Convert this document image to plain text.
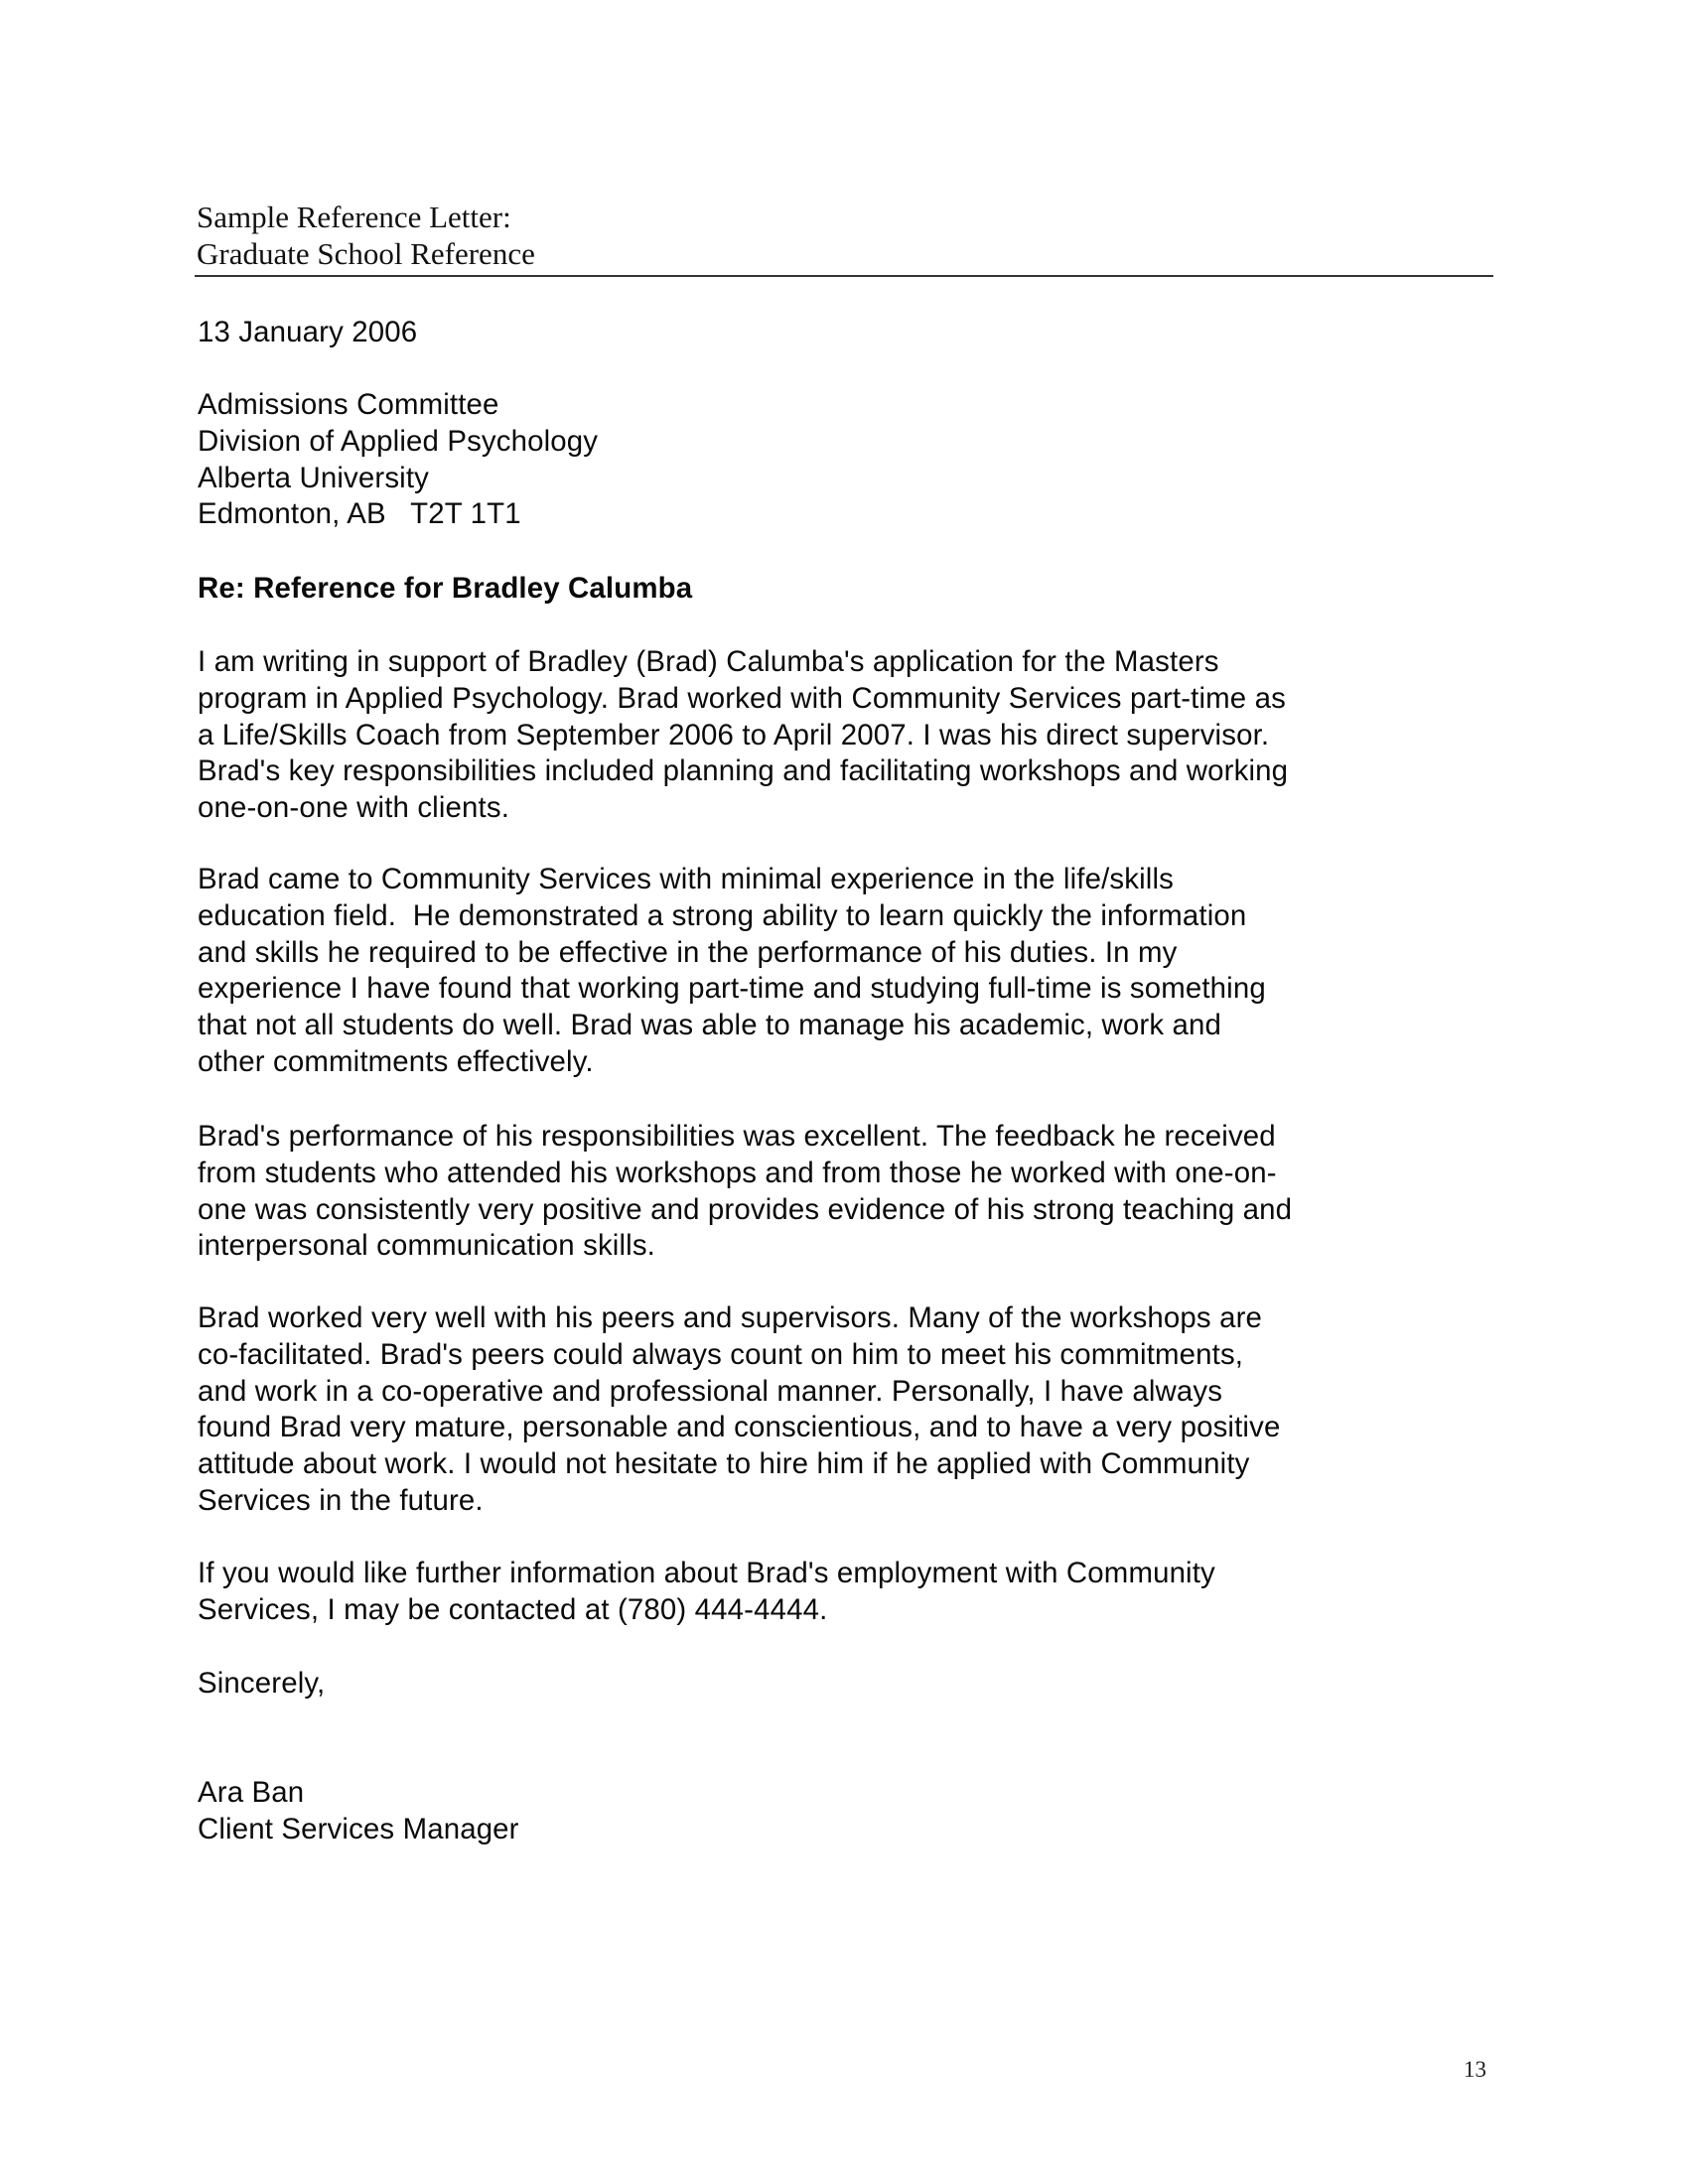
Sample Reference Letter:
Graduate School Reference
13 January 2006
Admissions Committee
Division of Applied Psychology
Alberta University
Edmonton, AB   T2T 1T1
Re: Reference for Bradley Calumba
I am writing in support of Bradley (Brad) Calumba's application for the Masters
program in Applied Psychology. Brad worked with Community Services part-time as
a Life/Skills Coach from September 2006 to April 2007. I was his direct supervisor.
Brad's key responsibilities included planning and facilitating workshops and working
one-on-one with clients.
Brad came to Community Services with minimal experience in the life/skills
education field.  He demonstrated a strong ability to learn quickly the information
and skills he required to be effective in the performance of his duties. In my
experience I have found that working part-time and studying full-time is something
that not all students do well. Brad was able to manage his academic, work and
other commitments effectively.
Brad's performance of his responsibilities was excellent. The feedback he received
from students who attended his workshops and from those he worked with one-on-
one was consistently very positive and provides evidence of his strong teaching and
interpersonal communication skills.
Brad worked very well with his peers and supervisors. Many of the workshops are
co-facilitated. Brad's peers could always count on him to meet his commitments,
and work in a co-operative and professional manner. Personally, I have always
found Brad very mature, personable and conscientious, and to have a very positive
attitude about work. I would not hesitate to hire him if he applied with Community
Services in the future.
If you would like further information about Brad's employment with Community
Services, I may be contacted at (780) 444-4444.
Sincerely,
Ara Ban
Client Services Manager
13
